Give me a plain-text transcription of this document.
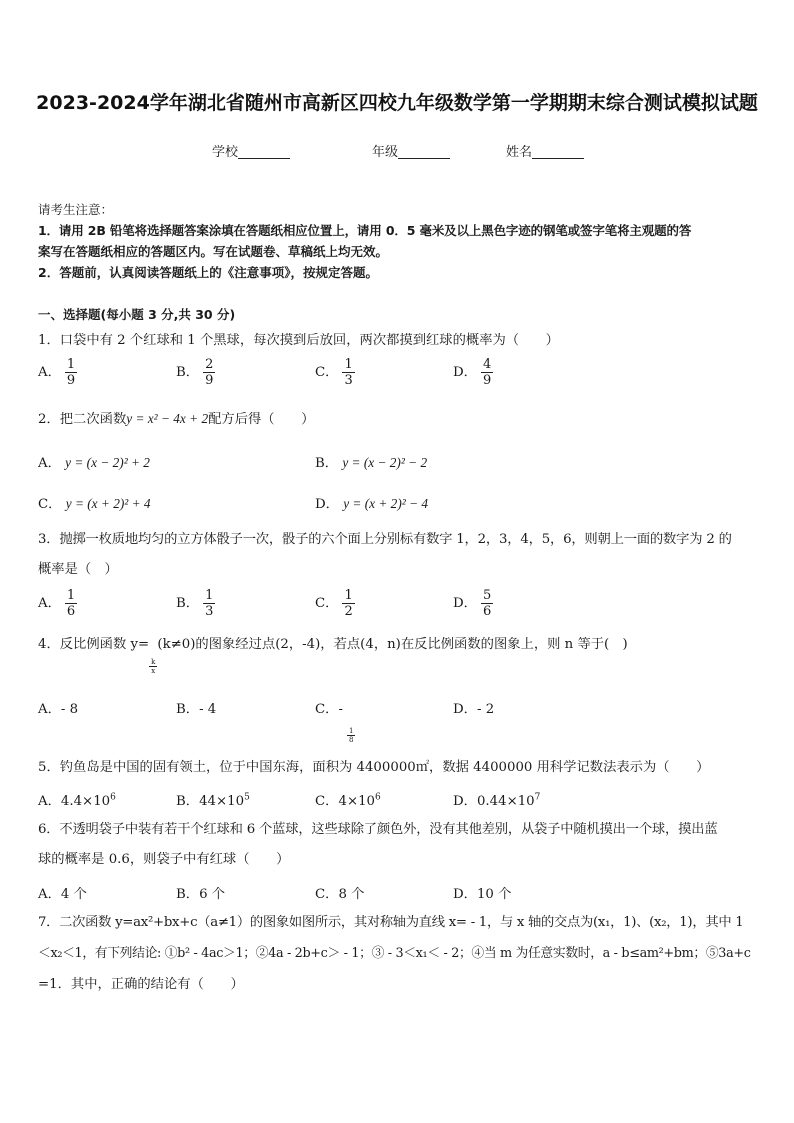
2023-2024学年湖北省随州市高新区四校九年级数学第一学期期末综合测试模拟试题
学校	年级	姓名
请考生注意：
1．请用 2B 铅笔将选择题答案涂填在答题纸相应位置上，请用 0．5 毫米及以上黑色字迹的钢笔或签字笔将主观题的答
案写在答题纸相应的答题区内。写在试题卷、草稿纸上均无效。
2．答题前，认真阅读答题纸上的《注意事项》，按规定答题。
一、选择题(每小题 3 分,共 30 分)
1．口袋中有 2 个红球和 1 个黑球，每次摸到后放回，两次都摸到红球的概率为（　　）
A． $\frac{1}{9}$	B． $\frac{2}{9}$	C． $\frac{1}{3}$	D． $\frac{4}{9}$
2．把二次函数y = x² − 4x + 2配方后得（　　）
A． y = (x − 2)² + 2	B． y = (x − 2)² − 2
C． y = (x + 2)² + 4	D． y = (x + 2)² − 4
3．抛掷一枚质地均匀的立方体骰子一次，骰子的六个面上分别标有数字 1，2，3，4，5，6，则朝上一面的数字为 2 的
概率是（　）
A． $\frac{1}{6}$	B． $\frac{1}{3}$	C． $\frac{1}{2}$	D． $\frac{5}{6}$
4．反比例函数 y=
$\frac{k}{x}$
(k≠0)的图象经过点(2，-4)，若点(4，n)在反比例函数的图象上，则 n 等于(　)
A．- 8	B．- 4	C．-
$\frac{1}{8}$
D．- 2
5．钓鱼岛是中国的固有领土，位于中国东海，面积为 4400000㎡，数据 4400000 用科学记数法表示为（　　）
A．$4.4\times 10^6$	B．$44\times 10^5$	C．$4\times 10^6$	D．$0.44\times 10^7$
6．不透明袋子中装有若干个红球和 6 个蓝球，这些球除了颜色外，没有其他差别，从袋子中随机摸出一个球，摸出蓝
球的概率是 0.6，则袋子中有红球（　　）
A．4 个	B．6 个	C．8 个	D．10 个
7．二次函数 y=ax²+bx+c（a≠1）的图象如图所示，其对称轴为直线 x= - 1，与 x 轴的交点为(x₁，1)、(x₂，1)，其中 1
＜x₂＜1，有下列结论: ①b² - 4ac＞1；②4a - 2b+c＞ - 1；③ - 3＜x₁＜ - 2；④当 m 为任意实数时，a - b≤am²+bm；⑤3a+c
=1．其中，正确的结论有（　　）
